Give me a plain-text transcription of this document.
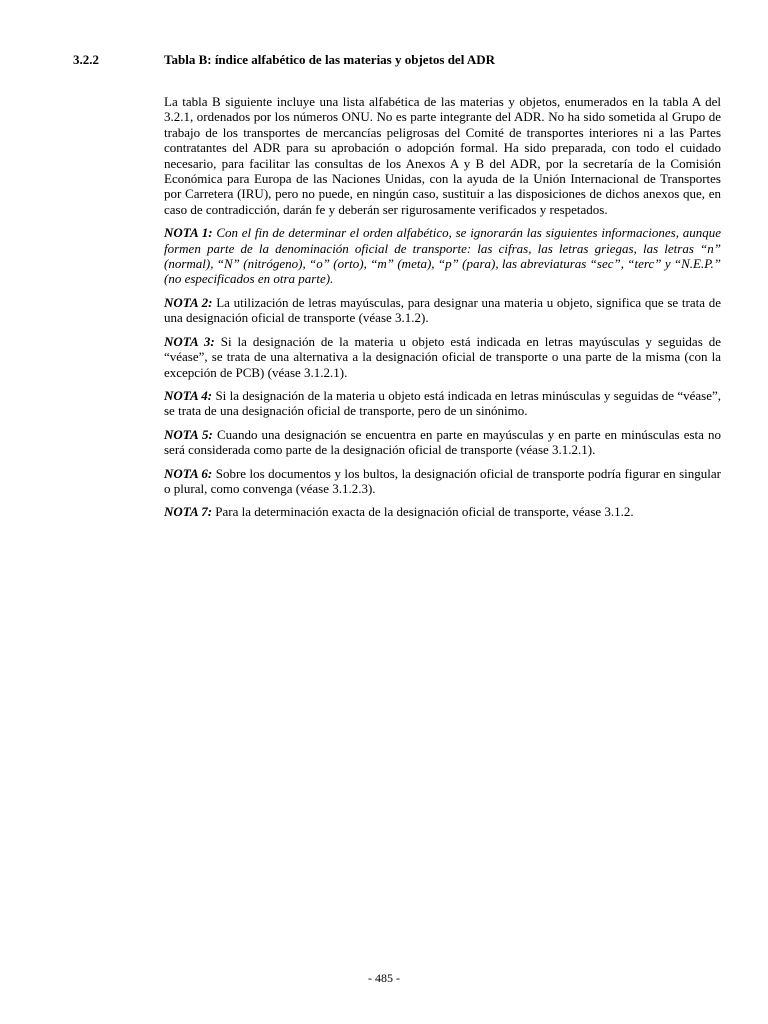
3.2.2	Tabla B: índice alfabético de las materias y objetos del ADR

La tabla B siguiente incluye una lista alfabética de las materias y objetos, enumerados en la tabla A del 3.2.1, ordenados por los números ONU. No es parte integrante del ADR. No ha sido sometida al Grupo de trabajo de los transportes de mercancías peligrosas del Comité de transportes interiores ni a las Partes contratantes del ADR para su aprobación o adopción formal. Ha sido preparada, con todo el cuidado necesario, para facilitar las consultas de los Anexos A y B del ADR, por la secretaría de la Comisión Económica para Europa de las Naciones Unidas, con la ayuda de la Unión Internacional de Transportes por Carretera (IRU), pero no puede, en ningún caso, sustituir a las disposiciones de dichos anexos que, en caso de contradicción, darán fe y deberán ser rigurosamente verificados y respetados.

NOTA 1: Con el fin de determinar el orden alfabético, se ignorarán las siguientes informaciones, aunque formen parte de la denominación oficial de transporte: las cifras, las letras griegas, las letras “n” (normal), “N” (nitrógeno), “o” (orto), “m” (meta), “p” (para), las abreviaturas “sec”, “terc” y “N.E.P.” (no especificados en otra parte).

NOTA 2: La utilización de letras mayúsculas, para designar una materia u objeto, significa que se trata de una designación oficial de transporte (véase 3.1.2).

NOTA 3: Si la designación de la materia u objeto está indicada en letras mayúsculas y seguidas de “véase”, se trata de una alternativa a la designación oficial de transporte o una parte de la misma (con la excepción de PCB) (véase 3.1.2.1).

NOTA 4: Si la designación de la materia u objeto está indicada en letras minúsculas y seguidas de “véase”, se trata de una designación oficial de transporte, pero de un sinónimo.

NOTA 5: Cuando una designación se encuentra en parte en mayúsculas y en parte en minúsculas esta no será considerada como parte de la designación oficial de transporte (véase 3.1.2.1).

NOTA 6: Sobre los documentos y los bultos, la designación oficial de transporte podría figurar en singular o plural, como convenga (véase 3.1.2.3).

NOTA 7: Para la determinación exacta de la designación oficial de transporte, véase 3.1.2.

- 485 -
